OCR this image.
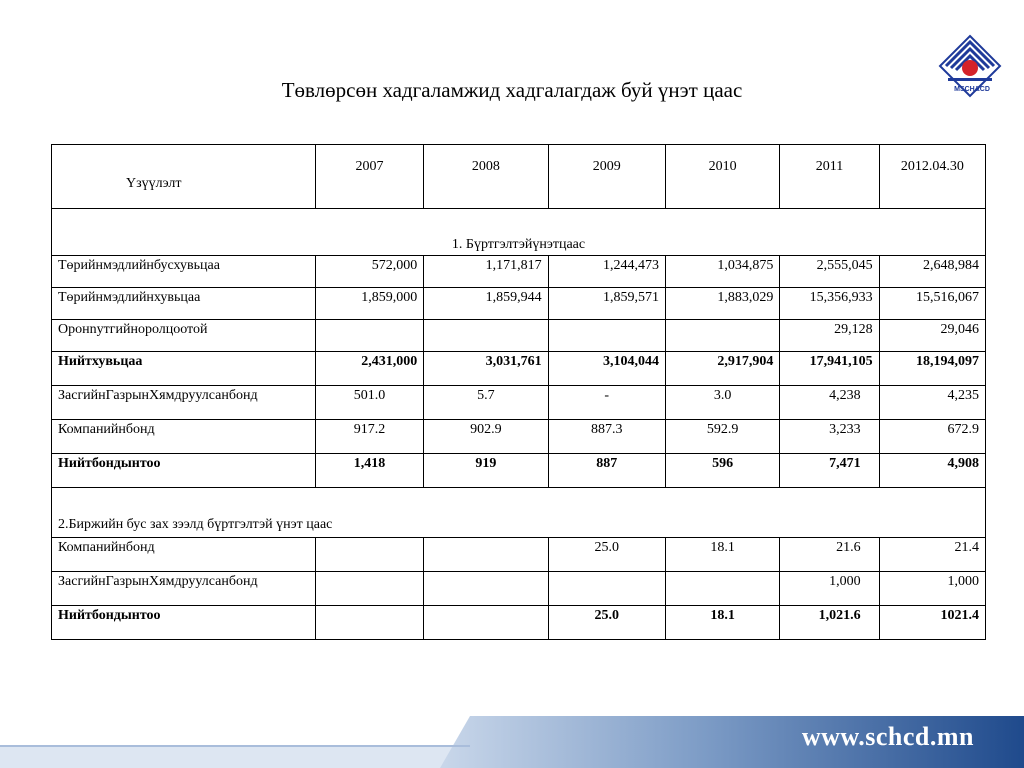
MSCH&CD
Төвлөрсөн хадгаламжид хадгалагдаж буй үнэт цаас
Үзүүлэлт	2007	2008	2009	2010	2011	2012.04.30
1. Бүртгэлтэйүнэтцаас						
Төрийнмэдлийнбусхувьцаа	572,000	1,171,817	1,244,473	1,034,875	2,555,045	2,648,984
Төрийнмэдлийнхувьцаа	1,859,000	1,859,944	1,859,571	1,883,029	15,356,933	15,516,067
Оронnутгийнoролцоотой					29,128	29,046
Нийтхувьцаа	2,431,000	3,031,761	3,104,044	2,917,904	17,941,105	18,194,097
ЗасгийнГазрынХямдруулсанбонд	501.0	5.7	-	3.0	4,238	4,235
Компанийнбонд	917.2	902.9	887.3	592.9	3,233	672.9
Нийтбондынтоо	1,418	919	887	596	7,471	4,908
2.Биржийн бус зах зээлд бүртгэлтэй үнэт цаас						
Компанийнбонд			25.0	18.1	21.6	21.4
ЗасгийнГазрынХямдруулсанбонд					1,000	1,000
Нийтбондынтоо			25.0	18.1	1,021.6	1021.4
www.schcd.mn
